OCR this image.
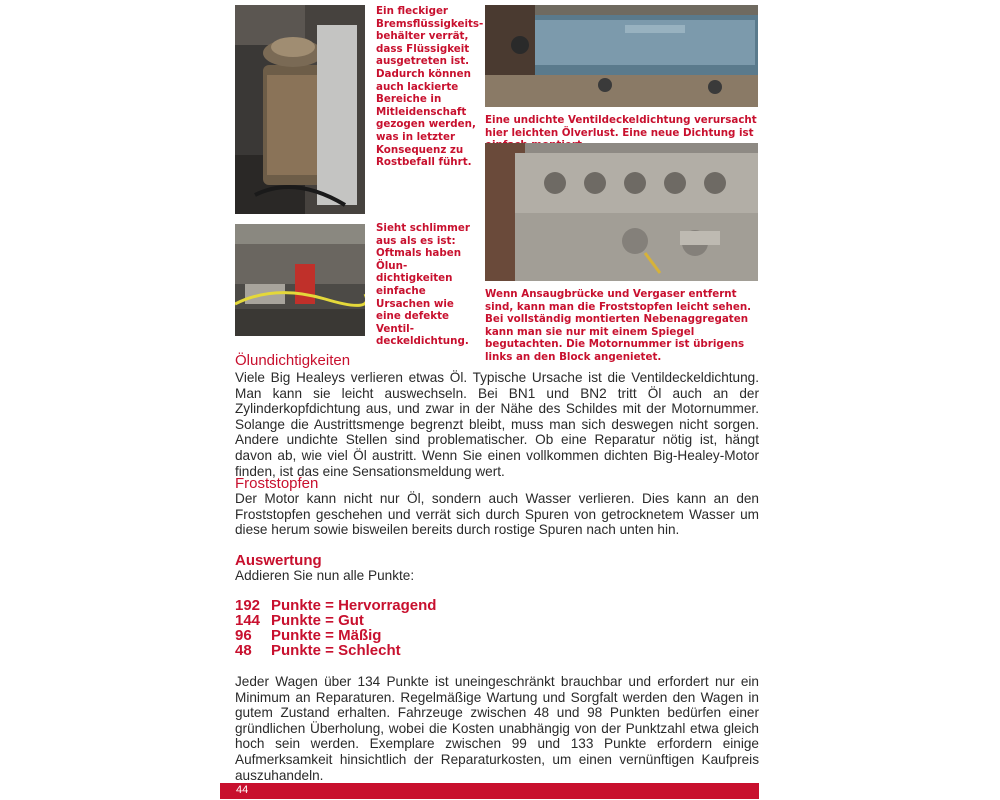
Ein fleckiger Bremsflüssigkeitsbehälter verrät, dass Flüssigkeit ausgetreten ist. Dadurch können auch lackierte Bereiche in Mitleidenschaft gezogen werden, was in letzter Konsequenz zu Rostbefall führt.
Eine undichte Ventildeckeldichtung verursacht hier leichten Ölverlust. Eine neue Dichtung ist
Sieht schlimmer aus als es ist: Oftmals haben Ölundichtigkeiten einfache Ursachen wie eine defekte Ventildeckeldichtung.
Wenn Ansaugbrücke und Vergaser entfernt sind, kann man die Froststopfen leicht sehen. Bei vollständig montierten Nebenaggregaten kann man sie nur mit einem Spiegel begutachten. Die Motornummer ist übrigens links an den Block angenietet.
Ölundichtigkeiten

Viele Big Healeys verlieren etwas Öl. Typische Ursache ist die Ventildeckeldichtung. Man kann sie leicht auswechseln. Bei BN1 und BN2 tritt Öl auch an der Zylinderkopfdichtung aus, und zwar in der Nähe des Schildes mit der Motornummer. Solange die Austrittsmenge begrenzt bleibt, muss man sich deswegen nicht sorgen. Andere undichte Stellen sind problematischer. Ob eine Reparatur nötig ist, hängt davon ab, wie viel Öl austritt. Wenn Sie einen vollkommen dichten Big-Healey-Motor finden, ist das eine Sensationsmeldung wert.

Froststopfen

Der Motor kann nicht nur Öl, sondern auch Wasser verlieren. Dies kann an den Froststopfen geschehen und verrät sich durch Spuren von getrocknetem Wasser um diese herum sowie bisweilen bereits durch rostige Spuren nach unten hin.

Auswertung

Addieren Sie nun alle Punkte:

192 Punkte = Hervorragend
144 Punkte = Gut
96 Punkte = Mäßig
48 Punkte = Schlecht

Jeder Wagen über 134 Punkte ist uneingeschränkt brauchbar und erfordert nur ein Minimum an Reparaturen. Regelmäßige Wartung und Sorgfalt werden den Wagen in gutem Zustand erhalten. Fahrzeuge zwischen 48 und 98 Punkten bedürfen einer gründlichen Überholung, wobei die Kosten unabhängig von der Punktzahl etwa gleich hoch sein werden. Exemplare zwischen 99 und 133 Punkte erfordern einige Aufmerksamkeit hinsichtlich der Reparaturkosten, um einen vernünftigen Kaufpreis auszuhandeln.

44
